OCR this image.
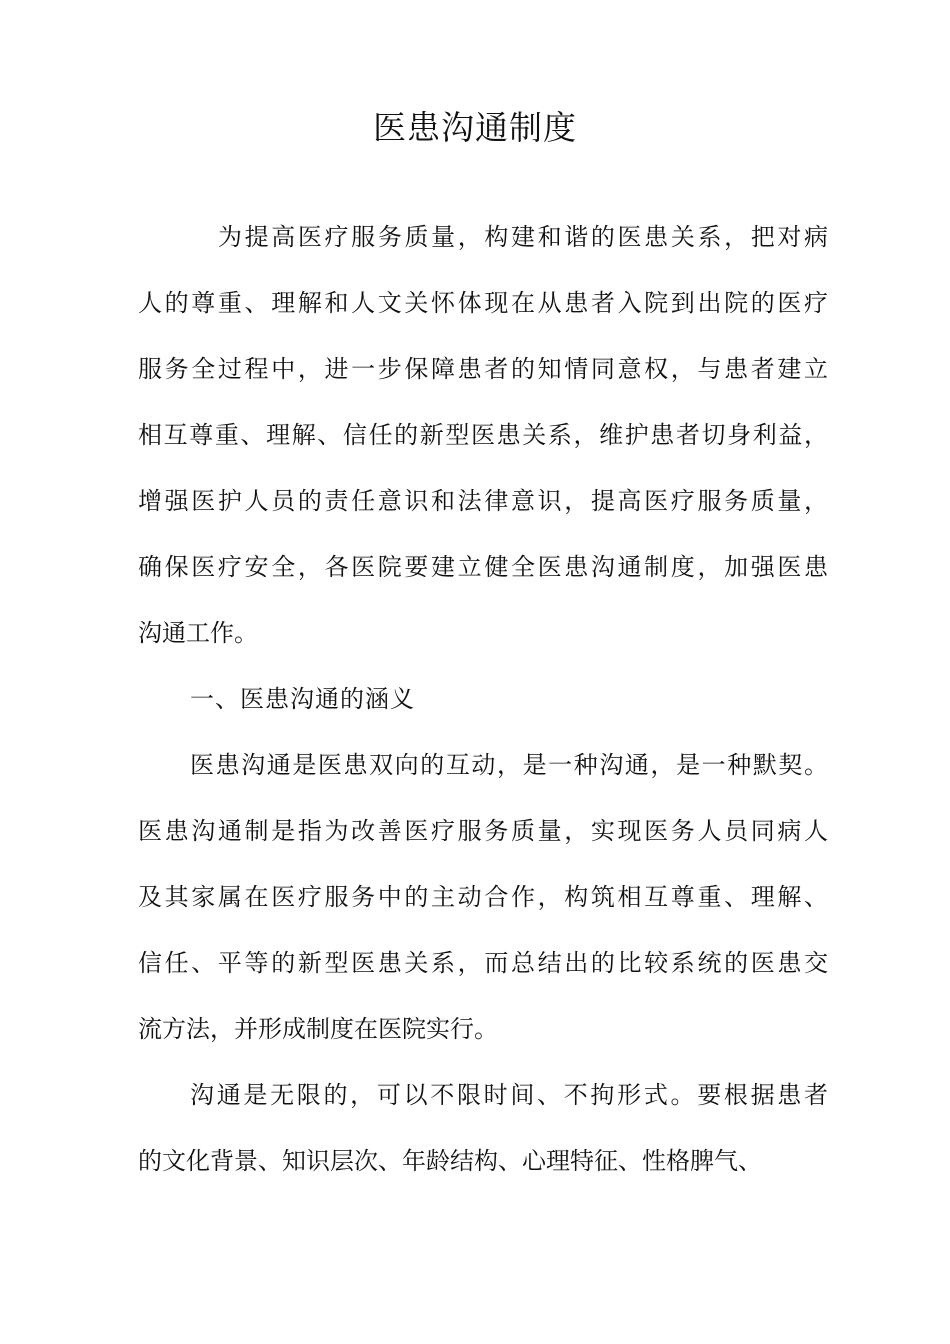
医患沟通制度
为提高医疗服务质量，构建和谐的医患关系，把对病
人的尊重、理解和人文关怀体现在从患者入院到出院的医疗
服务全过程中，进一步保障患者的知情同意权，与患者建立
相互尊重、理解、信任的新型医患关系，维护患者切身利益，
增强医护人员的责任意识和法律意识，提高医疗服务质量，
确保医疗安全，各医院要建立健全医患沟通制度，加强医患
沟通工作。
一、医患沟通的涵义
医患沟通是医患双向的互动，是一种沟通，是一种默契。
医患沟通制是指为改善医疗服务质量，实现医务人员同病人
及其家属在医疗服务中的主动合作，构筑相互尊重、理解、
信任、平等的新型医患关系，而总结出的比较系统的医患交
流方法，并形成制度在医院实行。
沟通是无限的，可以不限时间、不拘形式。要根据患者
的文化背景、知识层次、年龄结构、心理特征、性格脾气、
